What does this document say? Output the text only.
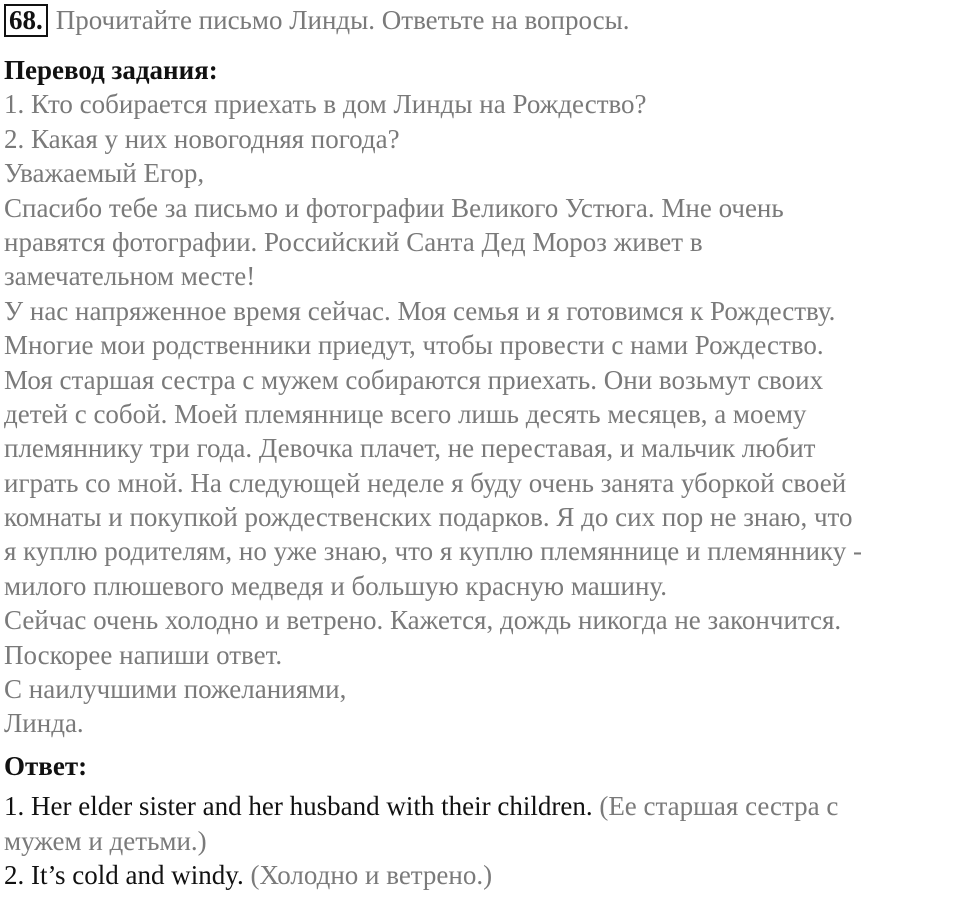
68. Прочитайте письмо Линды. Ответьте на вопросы.
Перевод задания:
1. Кто собирается приехать в дом Линды на Рождество?
2. Какая у них новогодняя погода?
Уважаемый Егор,
Спасибо тебе за письмо и фотографии Великого Устюга. Мне очень
нравятся фотографии. Российский Санта Дед Мороз живет в
замечательном месте!
У нас напряженное время сейчас. Моя семья и я готовимся к Рождеству.
Многие мои родственники приедут, чтобы провести с нами Рождество.
Моя старшая сестра с мужем собираются приехать. Они возьмут своих
детей с собой. Моей племяннице всего лишь десять месяцев, а моему
племяннику три года. Девочка плачет, не переставая, и мальчик любит
играть со мной. На следующей неделе я буду очень занята уборкой своей
комнаты и покупкой рождественских подарков. Я до сих пор не знаю, что
я куплю родителям, но уже знаю, что я куплю племяннице и племяннику -
милого плюшевого медведя и большую красную машину.
Сейчас очень холодно и ветрено. Кажется, дождь никогда не закончится.
Поскорее напиши ответ.
С наилучшими пожеланиями,
Линда.
Ответ:
1. Her elder sister and her husband with their children. (Ее старшая сестра с
мужем и детьми.)
2. It’s cold and windy. (Холодно и ветрено.)
